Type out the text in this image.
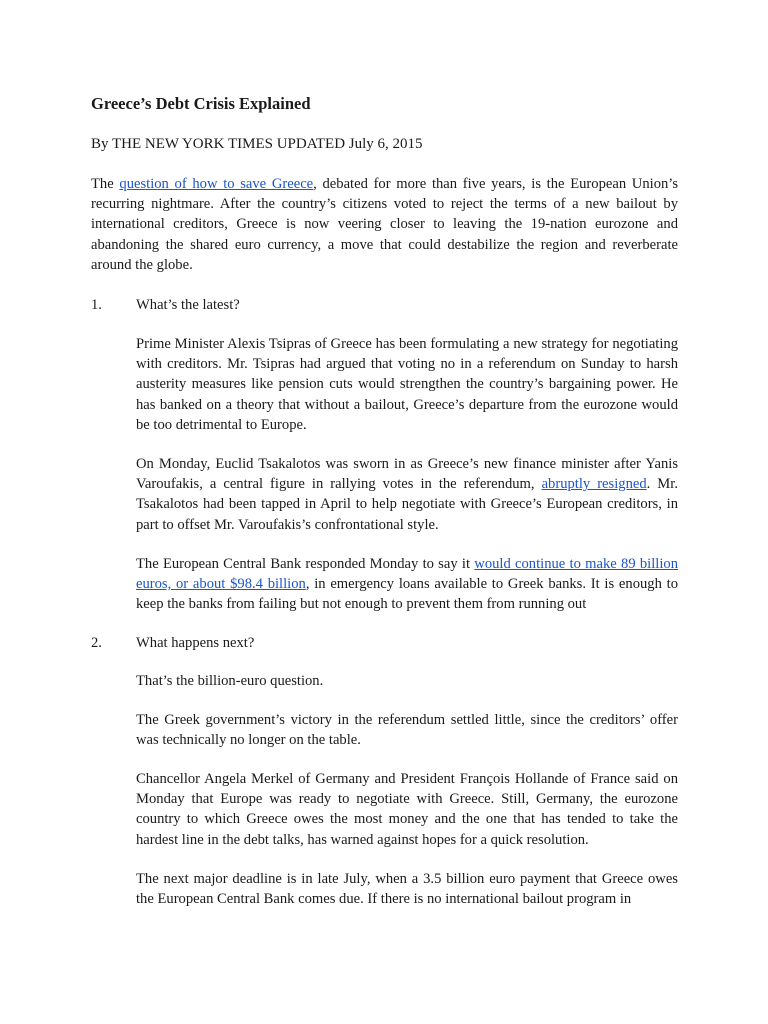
Greece’s Debt Crisis Explained

By THE NEW YORK TIMES UPDATED July 6, 2015

The question of how to save Greece, debated for more than five years, is the European Union’s recurring nightmare. After the country’s citizens voted to reject the terms of a new bailout by international creditors, Greece is now veering closer to leaving the 19-nation eurozone and abandoning the shared euro currency, a move that could destabilize the region and reverberate around the globe.

1. What’s the latest?

Prime Minister Alexis Tsipras of Greece has been formulating a new strategy for negotiating with creditors. Mr. Tsipras had argued that voting no in a referendum on Sunday to harsh austerity measures like pension cuts would strengthen the country’s bargaining power. He has banked on a theory that without a bailout, Greece’s departure from the eurozone would be too detrimental to Europe.

On Monday, Euclid Tsakalotos was sworn in as Greece’s new finance minister after Yanis Varoufakis, a central figure in rallying votes in the referendum, abruptly resigned. Mr. Tsakalotos had been tapped in April to help negotiate with Greece’s European creditors, in part to offset Mr. Varoufakis’s confrontational style.

The European Central Bank responded Monday to say it would continue to make 89 billion euros, or about $98.4 billion, in emergency loans available to Greek banks. It is enough to keep the banks from failing but not enough to prevent them from running out

2. What happens next?

That’s the billion-euro question.

The Greek government’s victory in the referendum settled little, since the creditors’ offer was technically no longer on the table.

Chancellor Angela Merkel of Germany and President François Hollande of France said on Monday that Europe was ready to negotiate with Greece. Still, Germany, the eurozone country to which Greece owes the most money and the one that has tended to take the hardest line in the debt talks, has warned against hopes for a quick resolution.

The next major deadline is in late July, when a 3.5 billion euro payment that Greece owes the European Central Bank comes due. If there is no international bailout program in
